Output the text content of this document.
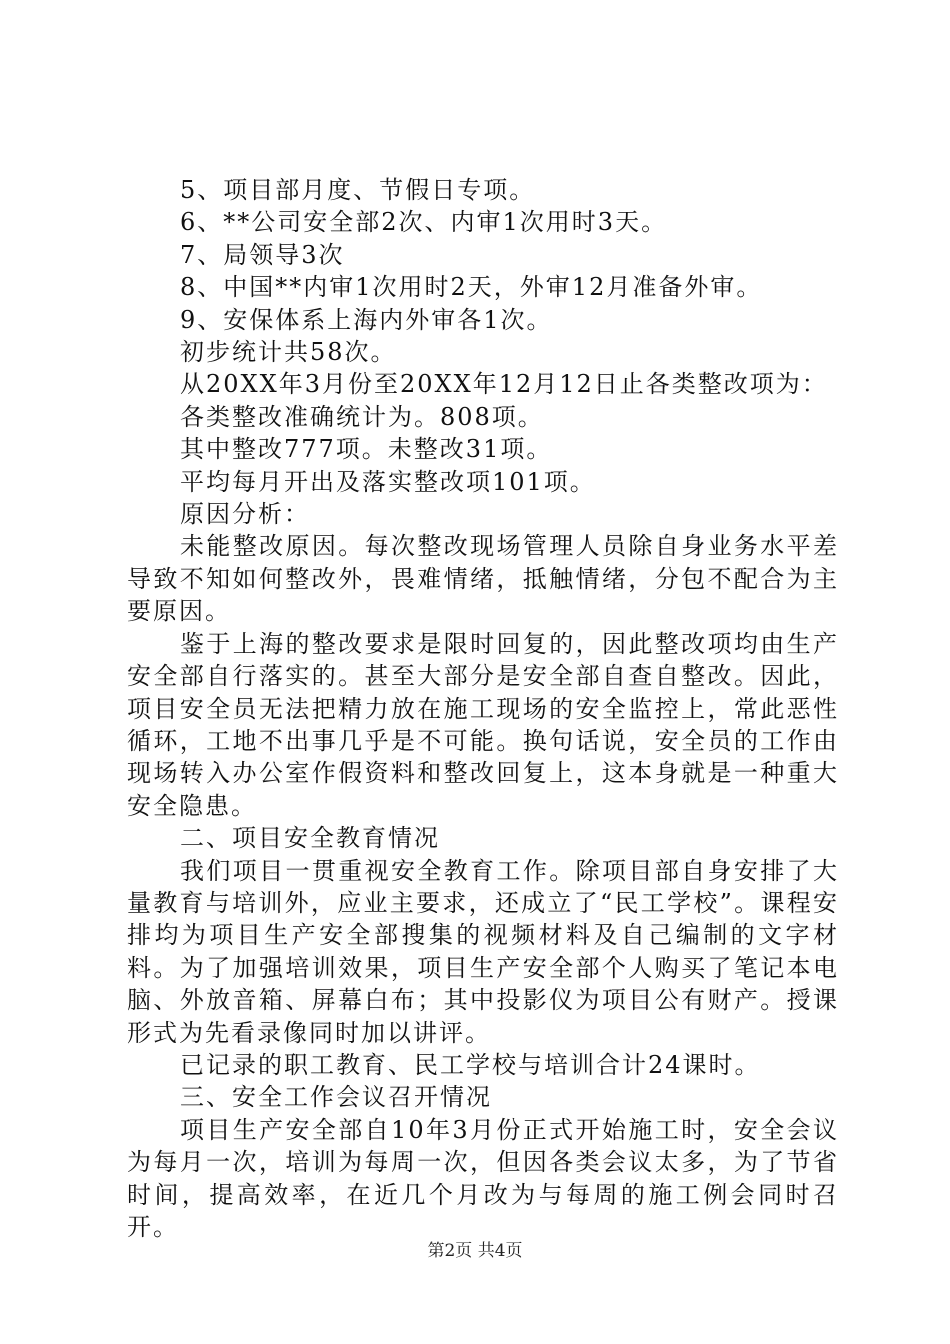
5、项目部月度、节假日专项。

6、**公司安全部2次、内审1次用时3天。

7、局领导3次

8、中国**内审1次用时2天，外审12月准备外审。

9、安保体系上海内外审各1次。

初步统计共58次。

从20XX年3月份至20XX年12月12日止各类整改项为：

各类整改准确统计为。808项。

其中整改777项。未整改31项。

平均每月开出及落实整改项101项。

原因分析：

未能整改原因。每次整改现场管理人员除自身业务水平差导致不知如何整改外，畏难情绪，抵触情绪，分包不配合为主要原因。

鉴于上海的整改要求是限时回复的，因此整改项均由生产安全部自行落实的。甚至大部分是安全部自查自整改。因此，项目安全员无法把精力放在施工现场的安全监控上，常此恶性循环，工地不出事几乎是不可能。换句话说，安全员的工作由现场转入办公室作假资料和整改回复上，这本身就是一种重大安全隐患。

二、项目安全教育情况

我们项目一贯重视安全教育工作。除项目部自身安排了大量教育与培训外，应业主要求，还成立了“民工学校”。课程安排均为项目生产安全部搜集的视频材料及自己编制的文字材料。为了加强培训效果，项目生产安全部个人购买了笔记本电脑、外放音箱、屏幕白布；其中投影仪为项目公有财产。授课形式为先看录像同时加以讲评。

已记录的职工教育、民工学校与培训合计24课时。

三、安全工作会议召开情况

项目生产安全部自10年3月份正式开始施工时，安全会议为每月一次，培训为每周一次，但因各类会议太多，为了节省时间，提高效率，在近几个月改为与每周的施工例会同时召开。

第2页 共4页
